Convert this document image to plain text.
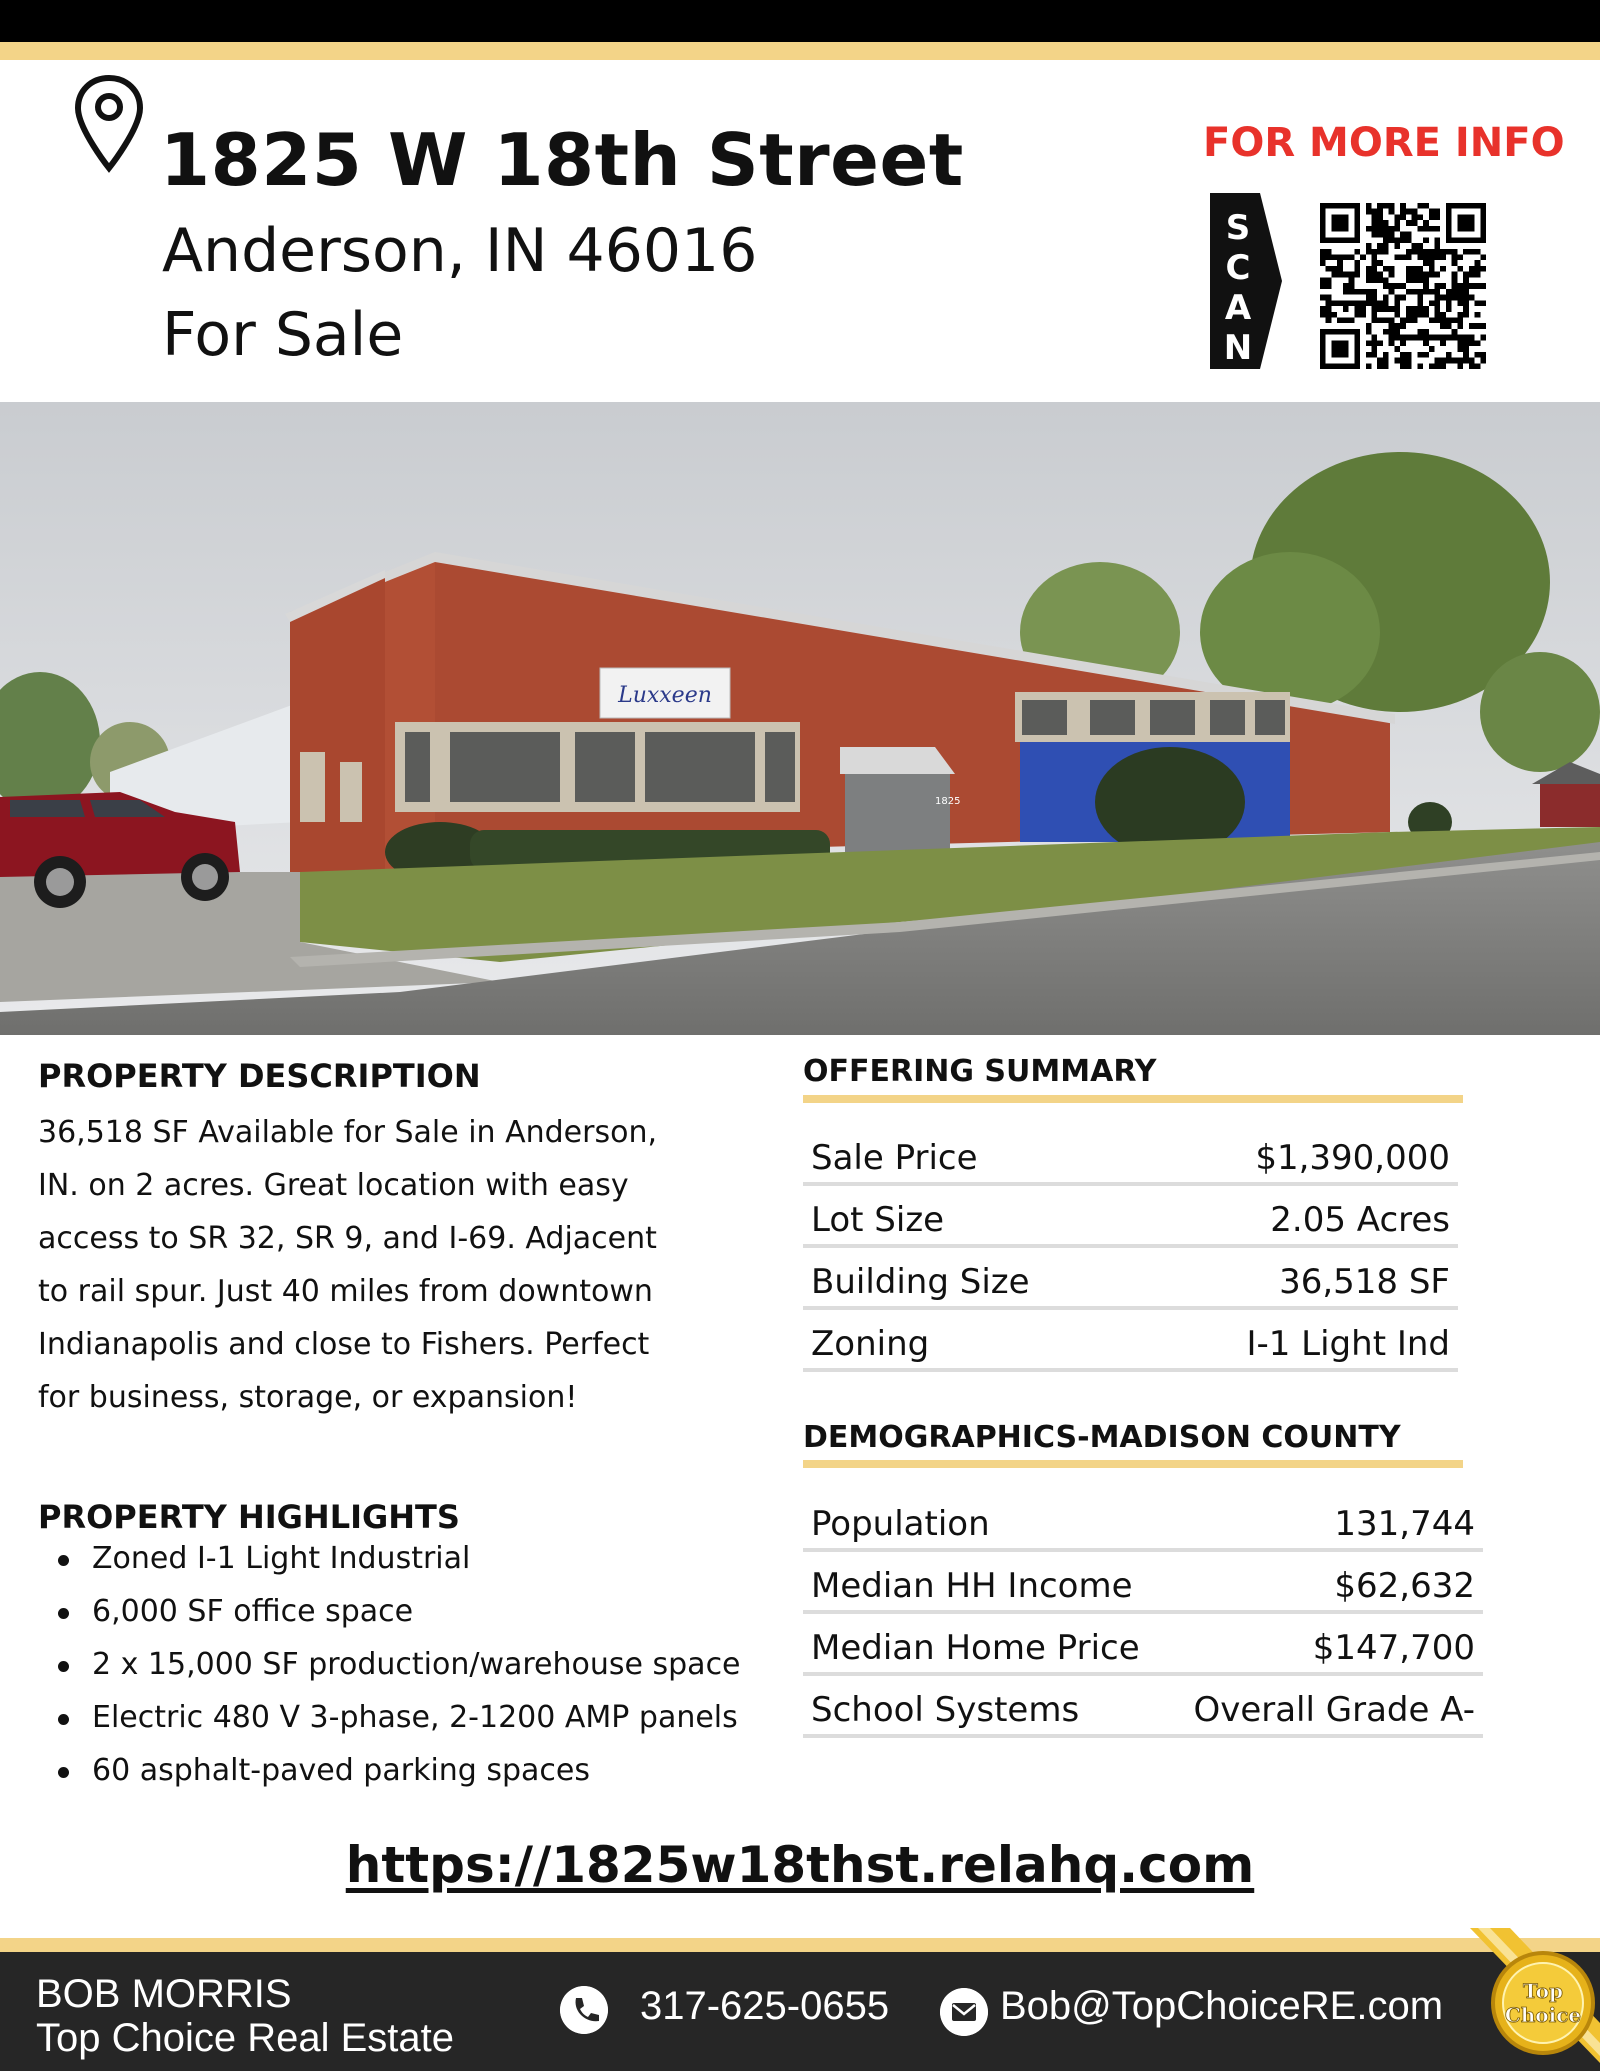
1825 W 18th Street
Anderson, IN 46016
For Sale
FOR MORE INFO
S
C
A
N
Luxxeen
1825
PROPERTY DESCRIPTION
36,518 SF Available for Sale in Anderson,
IN. on 2 acres. Great location with easy
access to SR 32, SR 9, and I-69. Adjacent
to rail spur. Just 40 miles from downtown
Indianapolis and close to Fishers. Perfect
for business, storage, or expansion!
PROPERTY HIGHLIGHTS
Zoned I-1 Light Industrial
6,000 SF office space
2 x 15,000 SF production/warehouse space
Electric 480 V 3-phase, 2-1200 AMP panels
60 asphalt-paved parking spaces
OFFERING SUMMARY
Sale Price	$1,390,000
Lot Size	2.05 Acres
Building Size	36,518 SF
Zoning	I-1 Light Ind
DEMOGRAPHICS-MADISON COUNTY
Population	131,744
Median HH Income	$62,632
Median Home Price	$147,700
School Systems	Overall Grade A-
https://1825w18thst.relahq.com
BOB MORRIS
Top Choice Real Estate
317-625-0655	Bob@TopChoiceRE.com	Top
Choice
